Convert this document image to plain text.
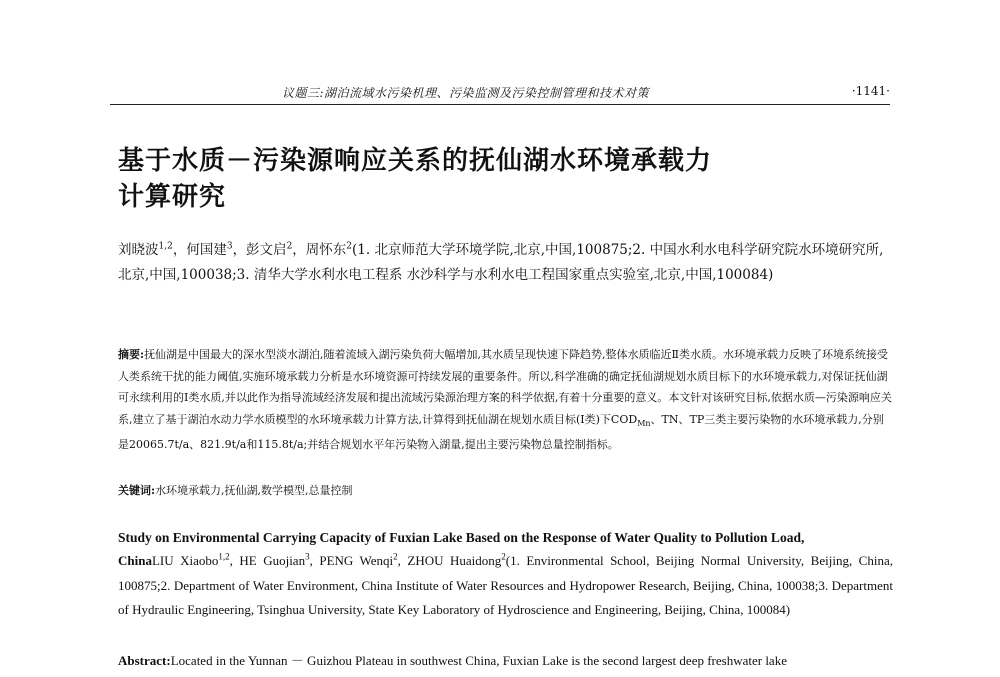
议题三:湖泊流域水污染机理、污染监测及污染控制管理和技术对策	·1141·
基于水质－污染源响应关系的抚仙湖水环境承载力
计算研究
刘晓波$^{1,2}$，何国建$^3$，彭文启$^2$，周怀东$^2$(1. 北京师范大学环境学院,北京,中国,100875;2. 中国水利水电科学研究院水环境研究所,北京,中国,100038;3. 清华大学水利水电工程系 水沙科学与水利水电工程国家重点实验室,北京,中国,100084)
摘要:抚仙湖是中国最大的深水型淡水湖泊,随着流域入湖污染负荷大幅增加,其水质呈现快速下降趋势,整体水质临近Ⅱ类水质。水环境承载力反映了环境系统接受人类系统干扰的能力阈值,实施环境承载力分析是水环境资源可持续发展的重要条件。所以,科学准确的确定抚仙湖规划水质目标下的水环境承载力,对保证抚仙湖可永续利用的Ⅰ类水质,并以此作为指导流域经济发展和提出流域污染源治理方案的科学依据,有着十分重要的意义。本文针对该研究目标,依据水质—污染源响应关系,建立了基于湖泊水动力学水质模型的水环境承载力计算方法,计算得到抚仙湖在规划水质目标(Ⅰ类)下$COD_{Mn}$、TN、TP三类主要污染物的水环境承载力,分别是20065.7t/a、821.9t/a和115.8t/a;并结合规划水平年污染物入湖量,提出主要污染物总量控制指标。
关键词:水环境承载力,抚仙湖,数学模型,总量控制
Study on Environmental Carrying Capacity of Fuxian Lake Based on the Response of Water Quality to Pollution Load,
ChinaLIU Xiaobo$^{1,2}$, HE Guojian$^3$, PENG Wenqi$^2$, ZHOU Huaidong$^2$(1. Environmental School, Beijing Normal University, Beijing, China, 100875;2. Department of Water Environment, China Institute of Water Resources and Hydropower Research, Beijing, China, 100038;3. Department of Hydraulic Engineering, Tsinghua University, State Key Laboratory of Hydroscience and Engineering, Beijing, China, 100084)
Abstract:Located in the Yunnan － Guizhou Plateau in southwest China, Fuxian Lake is the second largest deep freshwater lake
